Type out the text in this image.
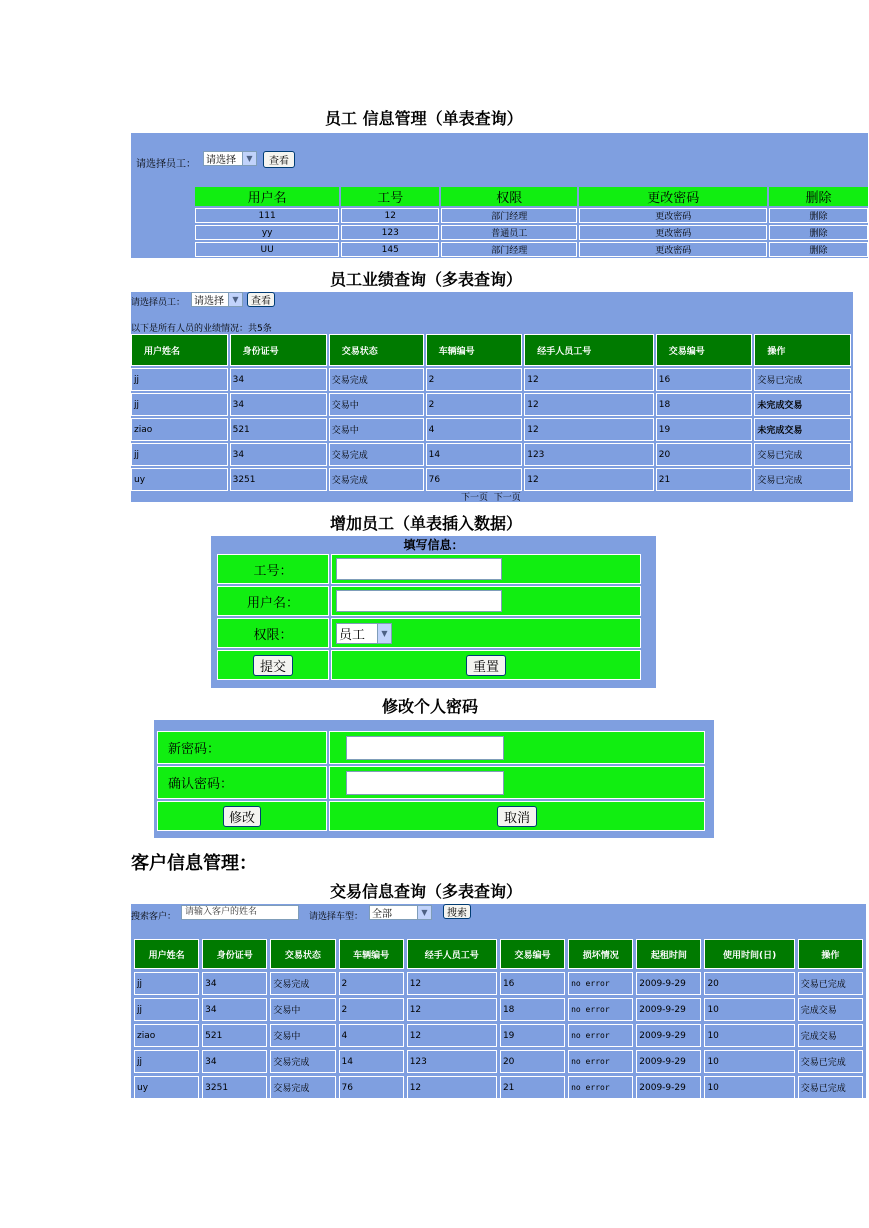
员工 信息管理（单表查询）
请选择员工： 请选择	▼	查看
用户名	工号	权限	更改密码	删除
111	12	部门经理	更改密码	删除
yy	123	普通员工	更改密码	删除
UU	145	部门经理	更改密码	删除
员工业绩查询（多表查询）
请选择员工： 请选择	▼	查看
以下是所有人员的业绩情况：共5条
用户姓名	身份证号	交易状态	车辆编号	经手人员工号	交易编号	操作
jj	34	交易完成	2	12	16	交易已完成
jj	34	交易中	2	12	18	未完成交易
ziao	521	交易中	4	12	19	未完成交易
jj	34	交易完成	14	123	20	交易已完成
uy	3251	交易完成	76	12	21	交易已完成
下一页  下一页
增加员工（单表插入数据）
填写信息：
工号：	
用户名：	
权限：	员工 ▼

提交	重置
修改个人密码
新密码：	
确认密码：	
修改	取消
客户信息管理：
交易信息查询（多表查询）
搜索客户： 请输入客户的姓名	请选择车型： 全部	▼	搜索
用户姓名	身份证号	交易状态	车辆编号	经手人员工号	交易编号	损坏情况	起租时间	使用时间(日)	操作
jj	34	交易完成	2	12	16	no error	2009-9-29	20	交易已完成
jj	34	交易中	2	12	18	no error	2009-9-29	10	完成交易
ziao	521	交易中	4	12	19	no error	2009-9-29	10	完成交易
jj	34	交易完成	14	123	20	no error	2009-9-29	10	交易已完成
uy	3251	交易完成	76	12	21	no error	2009-9-29	10	交易已完成
